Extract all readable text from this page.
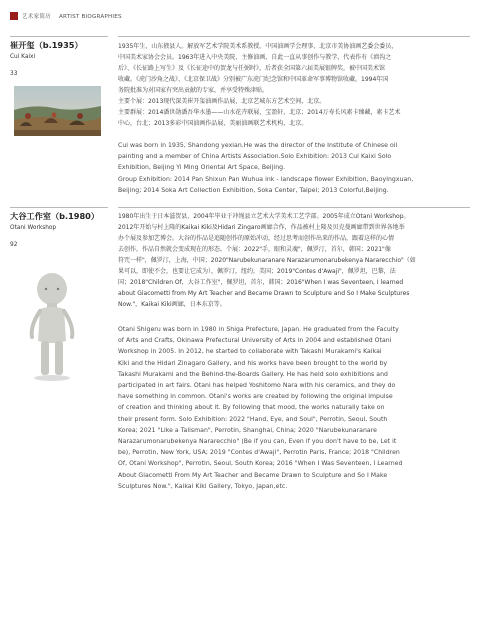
艺术家简历 ARTIST BIOGRAPHIES
崔开玺（b.1935）
Cui Kaixi
33

1935年生，山东掖县人。解放军艺术学院美术系教授。中国油画学会理事，北京市美协油画艺委会委员，

中国美术家协会会员。1963年进入中央美院，主修油画，自此一直从事创作与教学，代表作有《滇沟之

后》、《长征路上写生》及《长征途中的贺龙与任弼时》，后者获全国第六届美展银牌奖，被中国美术馆

收藏。《虎门沙角之战》、《北京保卫战》分别被广东虎门纪念馆和中国革命军事博物馆收藏。1994年国

务院批准为对国家有突出贡献的专家，并享受特殊津贴。

主要个展：2013现代深美崔开玺油画作品展，北京艺城东方艺术空间，北京。

主要群展：2014潘世勋潘吾华水墨——山水花卉联展，宝盈轩，北京；2014万寿长风素卡臻藏，素卡艺术

中心，台北；2013多彩中国油画作品展，美丽油画联艺术机构，北京。

Cui was born in 1935, Shandong yexian.He was the director of the Institute of Chinese oil

painting and a member of China Artists Association.Solo Exhibition: 2013 Cui Kaixi Solo

Exhibition, Beijing Yi Ming Oriental Art Space, Beijing.

Group Exhibition: 2014 Pan Shixun Pan Wuhua ink - landscape flower Exhibition, Baoyingxuan,

Beijing; 2014 Soka Art Collection Exhibition, Soka Center, Taipei; 2013 Colorful,Beijing.

大谷工作室（b.1980）
Otani Workshop
92

1980年出生于日本滋贺县，2004年毕业于冲绳县立艺术大学美术工艺学部。2005年成立Otani Workshop。

2012年开始与村上隆的Kaikai Kiki及Hidari Zingaro画廊合作，作品被村上隆及贝克曼画廊带到世界各地举

办个展及参加艺博会。大谷的作品是追随创作的原始冲动，经过思考而创作出来的作品，跟着这样的心情

去创作，作品自然就会变成现在的形态。个展：2022"手，眼和灵魂"，佩罗汀，首尔，韩国；2021"像

符咒一样"，佩罗汀，上海，中国；2020"Narubekunaranare Narazarumonarubekenya Nararecchio"（如

果可以，即使不会，也要让它成为），佩罗汀，纽约，美国；2019"Contes d'Awaji"，佩罗坦，巴黎，法

国；2018"Children Of，大谷工作室"，佩罗坦，首尔，韩国；2016"When I was Seventeen, I learned

about Giacometti from My Art Teacher and Became Drawn to Sculpture and So I Make Sculptures

Now."，Kaikai Kiki画廊，日本东京等。

Otani Shigeru was born in 1980 in Shiga Prefecture, Japan. He graduated from the Faculty

of Arts and Crafts, Okinawa Prefectural University of Arts in 2004 and established Otani

Workshop in 2005. In 2012, he started to collaborate with Takashi Murakami's Kaikai

Kiki and the Hidari Zinagaro Gallery, and his works have been brought to the world by

Takashi Murakami and the Behind-the-Boards Gallery. He has held solo exhibitions and

participated in art fairs. Otani has helped Yoshitomo Nara with his ceramics, and they do

have something in common. Otani's works are created by following the original impulse

of creation and thinking about it. By following that mood, the works naturally take on

their present form. Solo Exhibition: 2022 "Hand, Eye, and Soul", Perrotin, Seoul, South

Korea; 2021 "Like a Talisman", Perrotin, Shanghai, China; 2020 "Narubekunaranare

Narazarumonarubekenya Nararecchio" (Be if you can, Even if you don't have to be, Let it

be), Perrotin, New York, USA; 2019 "Contes d'Awaji", Perrotin Paris, France; 2018 "Children

Of, Otani Workshop", Perrotin, Seoul, South Korea; 2016 "When I Was Seventeen, I Learned

About Giacometti From My Art Teacher and Became Drawn to Sculpture and So I Make

Sculptures Now.", Kaikai Kiki Gallery, Tokyo, Japan,etc.
